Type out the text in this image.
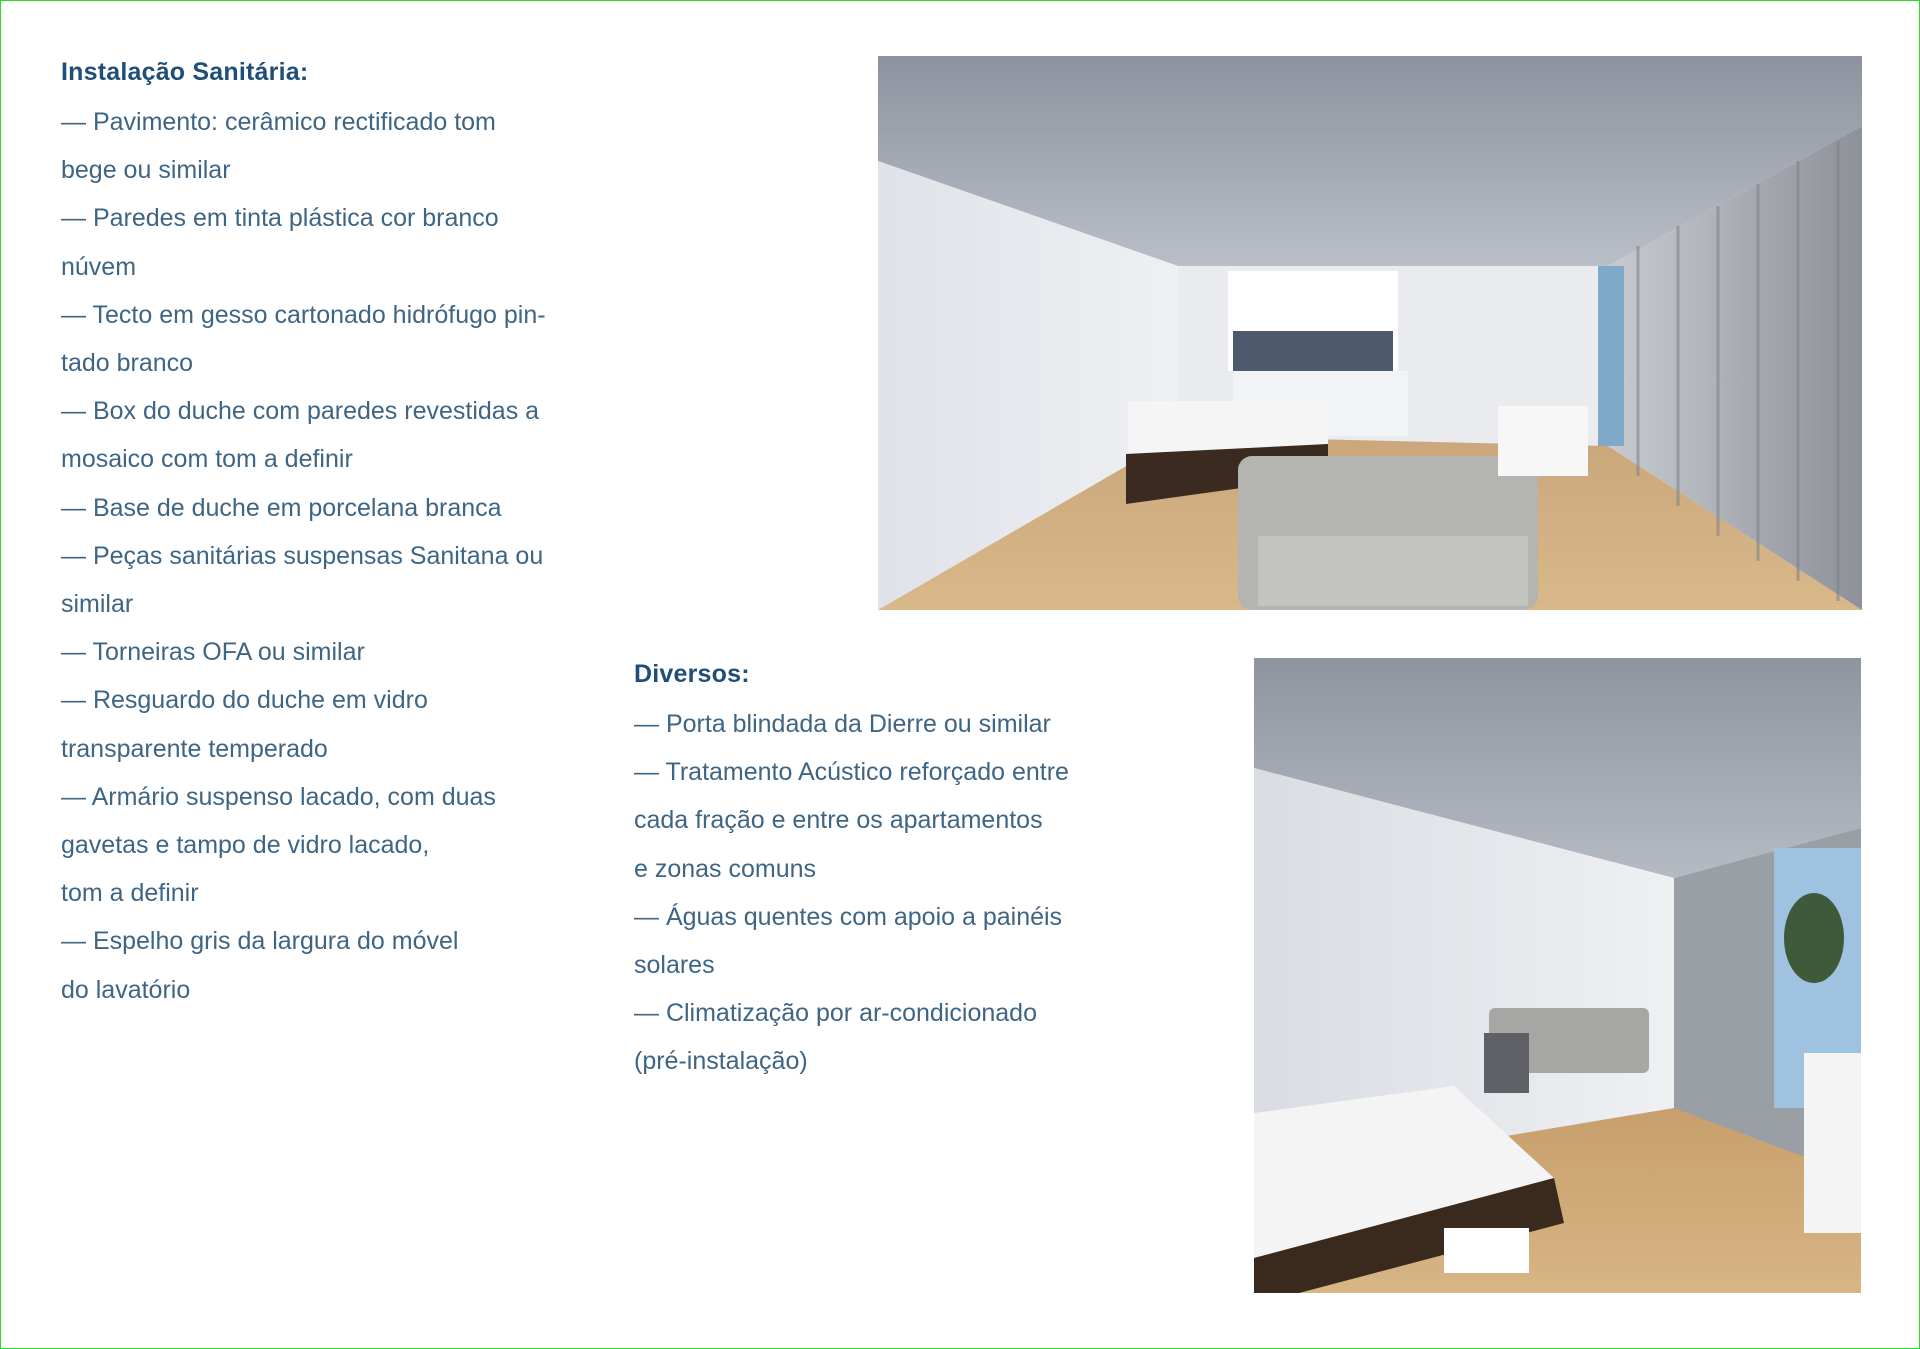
Instalação Sanitária:
— Pavimento: cerâmico rectificado tom
bege ou similar
— Paredes em tinta plástica cor branco
núvem
— Tecto em gesso cartonado hidrófugo pin-
tado branco
— Box do duche com paredes revestidas a
mosaico com tom a definir
— Base de duche em porcelana branca
— Peças sanitárias suspensas Sanitana ou
similar
— Torneiras OFA ou similar
— Resguardo do duche em vidro
transparente temperado
— Armário suspenso lacado, com duas
gavetas e tampo de vidro lacado,
tom a definir
— Espelho gris da largura do móvel
do lavatório
Diversos:
— Porta blindada da Dierre ou similar
— Tratamento Acústico reforçado entre
cada fração e entre os apartamentos
e zonas comuns
— Águas quentes com apoio a painéis
solares
— Climatização por ar-condicionado
(pré-instalação)
